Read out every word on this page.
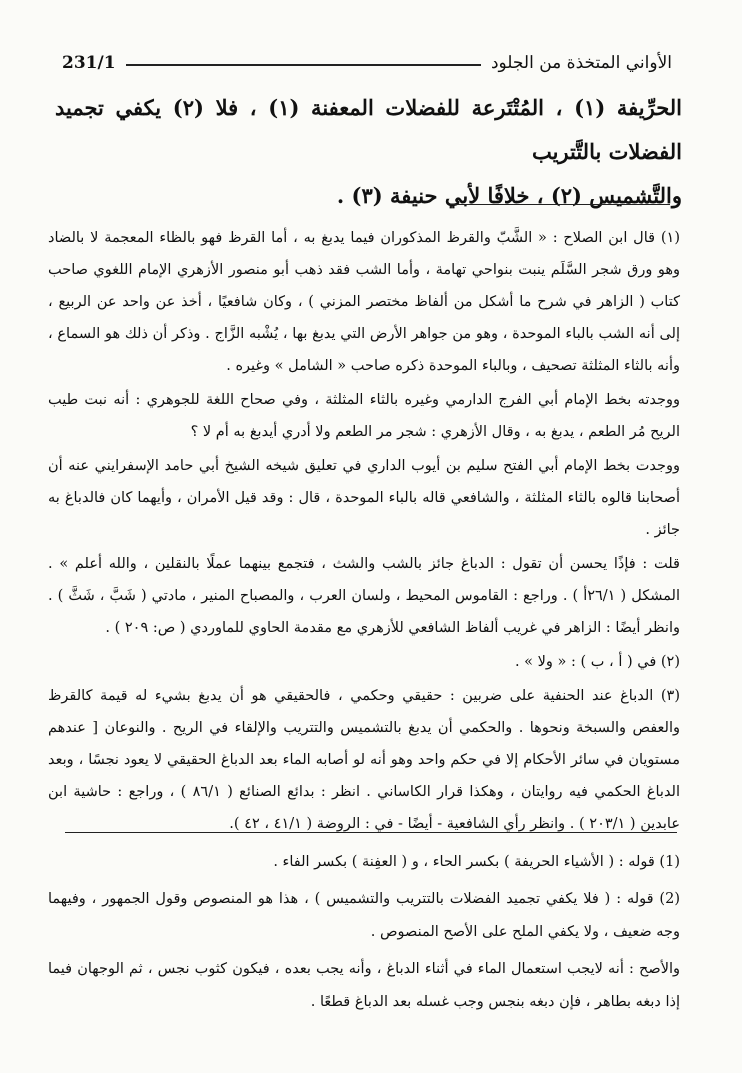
الأواني المتخذة من الجلود
231/1

الحرِّيفة (١) ، المُتْتَرعة للفضلات المعفنة (١) ، فلا (٢) يكفي تجميد الفضلات بالتَّتريب

والتَّشميس (٢) ، خلافًا لأبي حنيفة (٣) .

(١) قال ابن الصلاح : « الشَّبّ والقرظ المذكوران فيما يدبغ به ، أما القرظ فهو بالظاء المعجمة لا بالضاد وهو ورق شجر السَّلَم ينبت بنواحي تهامة ، وأما الشب فقد ذهب أبو منصور الأزهري الإمام اللغوي صاحب كتاب ( الزاهر في شرح ما أشكل من ألفاظ مختصر المزني ) ، وكان شافعيًا ، أخذ عن واحد عن الربيع ، إلى أنه الشب بالباء الموحدة ، وهو من جواهر الأرض التي يدبغ بها ، يُشْبه الزَّاج . وذكر أن ذلك هو السماع ، وأنه بالثاء المثلثة تصحيف ، وبالباء الموحدة ذكره صاحب « الشامل » وغيره .

ووجدته بخط الإمام أبي الفرج الدارمي وغيره بالثاء المثلثة ، وفي صحاح اللغة للجوهري : أنه نبت طيب الريح مُر الطعم ، يدبغ به ، وقال الأزهري : شجر مر الطعم ولا أدري أيدبغ به أم لا ؟

ووجدت بخط الإمام أبي الفتح سليم بن أيوب الداري في تعليق شيخه الشيخ أبي حامد الإسفرايني عنه أن أصحابنا قالوه بالثاء المثلثة ، والشافعي قاله بالباء الموحدة ، قال : وقد قيل الأمران ، وأيهما كان فالدباغ به جائز .

قلت : فإذًا يحسن أن تقول : الدباغ جائز بالشب والشث ، فتجمع بينهما عملًا بالنقلين ، والله أعلم » . المشكل ( ٢٦/١أ ) . وراجع : القاموس المحيط ، ولسان العرب ، والمصباح المنير ، مادتي ( شَبَّ ، شَثَّ ) . وانظر أيضًا : الزاهر في غريب ألفاظ الشافعي للأزهري مع مقدمة الحاوي للماوردي ( ص: ٢٠٩ ) .

(٢) في ( أ ، ب ) : « ولا » .

(٣) الدباغ عند الحنفية على ضربين : حقيقي وحكمي ، فالحقيقي هو أن يدبغ بشيء له قيمة كالقرظ والعفص والسبخة ونحوها . والحكمي أن يدبغ بالتشميس والتتريب والإلقاء في الريح . والنوعان [ عندهم مستويان في سائر الأحكام إلا في حكم واحد وهو أنه لو أصابه الماء بعد الدباغ الحقيقي لا يعود نجسًا ، وبعد الدباغ الحكمي فيه روايتان ، وهكذا قرار الكاساني . انظر : بدائع الصنائع ( ٨٦/١ ) ، وراجع : حاشية ابن عابدين ( ٢٠٣/١ ) . وانظر رأي الشافعية - أيضًا - في : الروضة ( ٤١/١ ، ٤٢ ).

(1) قوله : ( الأشياء الحريفة ) بكسر الحاء ، و ( العفِنة ) بكسر الفاء .

(2) قوله : ( فلا يكفي تجميد الفضلات بالتتريب والتشميس ) ، هذا هو المنصوص وقول الجمهور ، وفيهما وجه ضعيف ، ولا يكفي الملح على الأصح المنصوص .

والأصح : أنه لايجب استعمال الماء في أثناء الدباغ ، وأنه يجب بعده ، فيكون كثوب نجس ، ثم الوجهان فيما إذا دبغه بطاهر ، فإن دبغه بنجس وجب غسله بعد الدباغ قطعًا .
